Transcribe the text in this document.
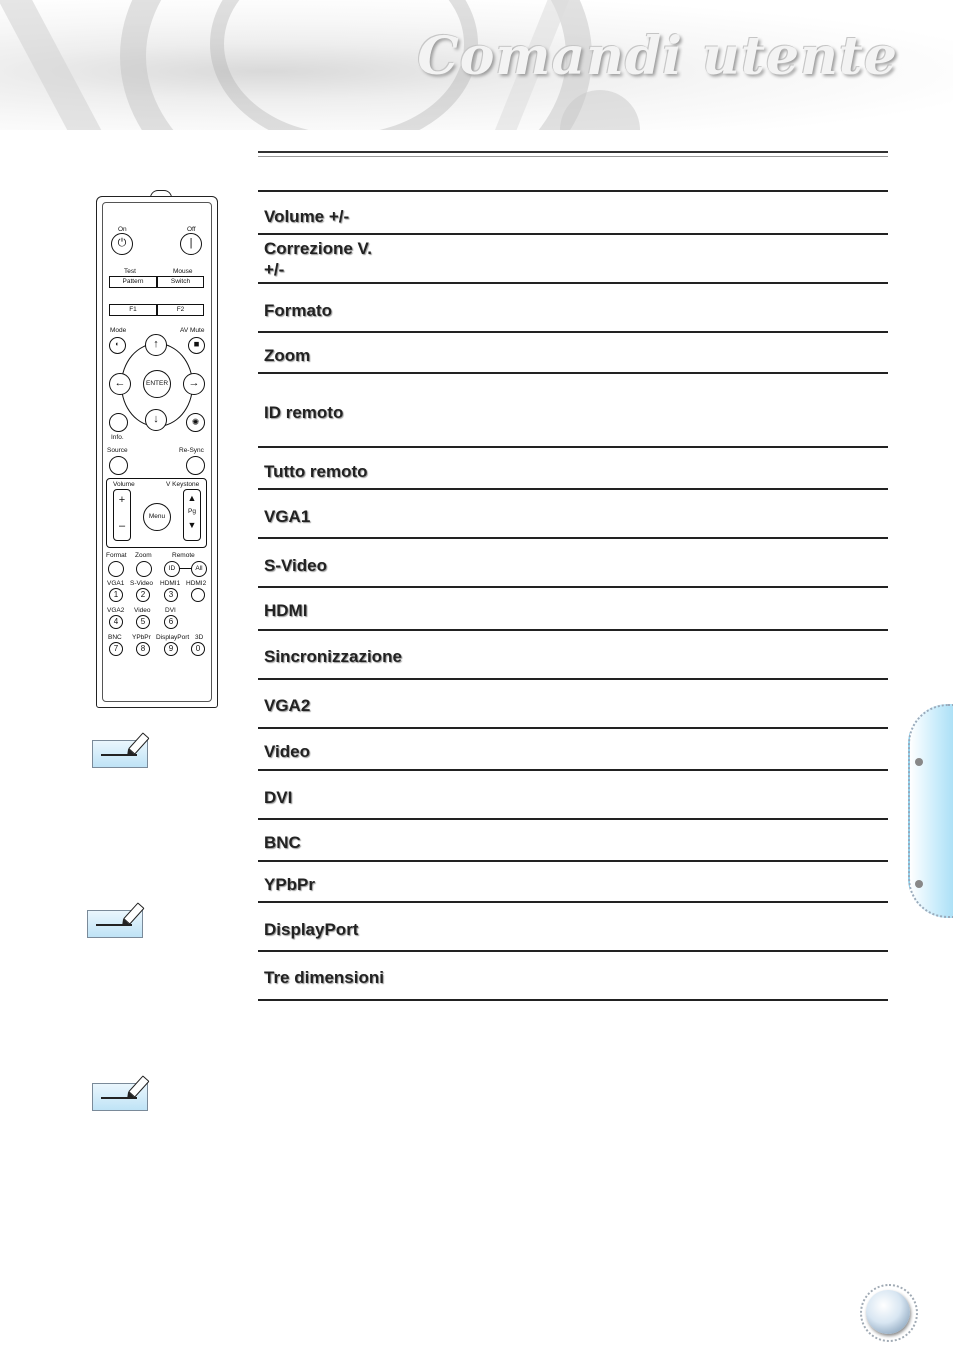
Comandi utente
On	Off
⏻	|
Test	Mouse
Pattern	Switch
F1	F2
Mode	AV Mute
◐	◼
↑
↓
←	→
ENTER
✺
Info.
Source	Re-Sync
Volume	V Keystone
+
–
Menu
▲
Pg
▼
Format Zoom	Remote
ID	All
VGA1 S-Video HDMI1 HDMI2
1	2	3
VGA2 Video DVI
4	5	6
BNC YPbPr DisplayPort 3D
7	8	9	0
Volume +/-
Correzione V.
+/-
Formato
Zoom
ID remoto
Tutto remoto
VGA1
S-Video
HDMI
Sincronizzazione
VGA2
Video
DVI
BNC
YPbPr
DisplayPort
Tre dimensioni
